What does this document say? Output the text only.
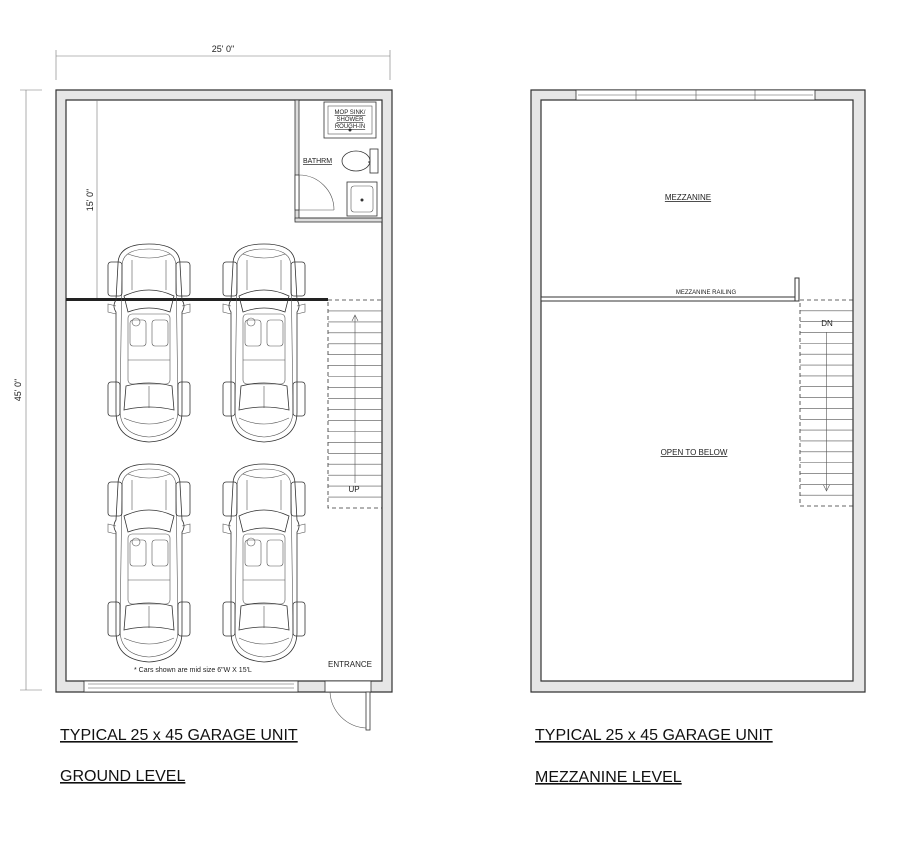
25' 0"
45' 0"
15' 0"
BATHRM
MOP SINK/
SHOWER
ROUGH-IN
UP
ENTRANCE
* Cars shown are mid size 6"W X 15'L
TYPICAL 25 x 45 GARAGE UNIT
GROUND LEVEL
MEZZANINE
MEZZANINE RAILING
DN
OPEN TO BELOW
TYPICAL 25 x 45 GARAGE UNIT
MEZZANINE LEVEL
